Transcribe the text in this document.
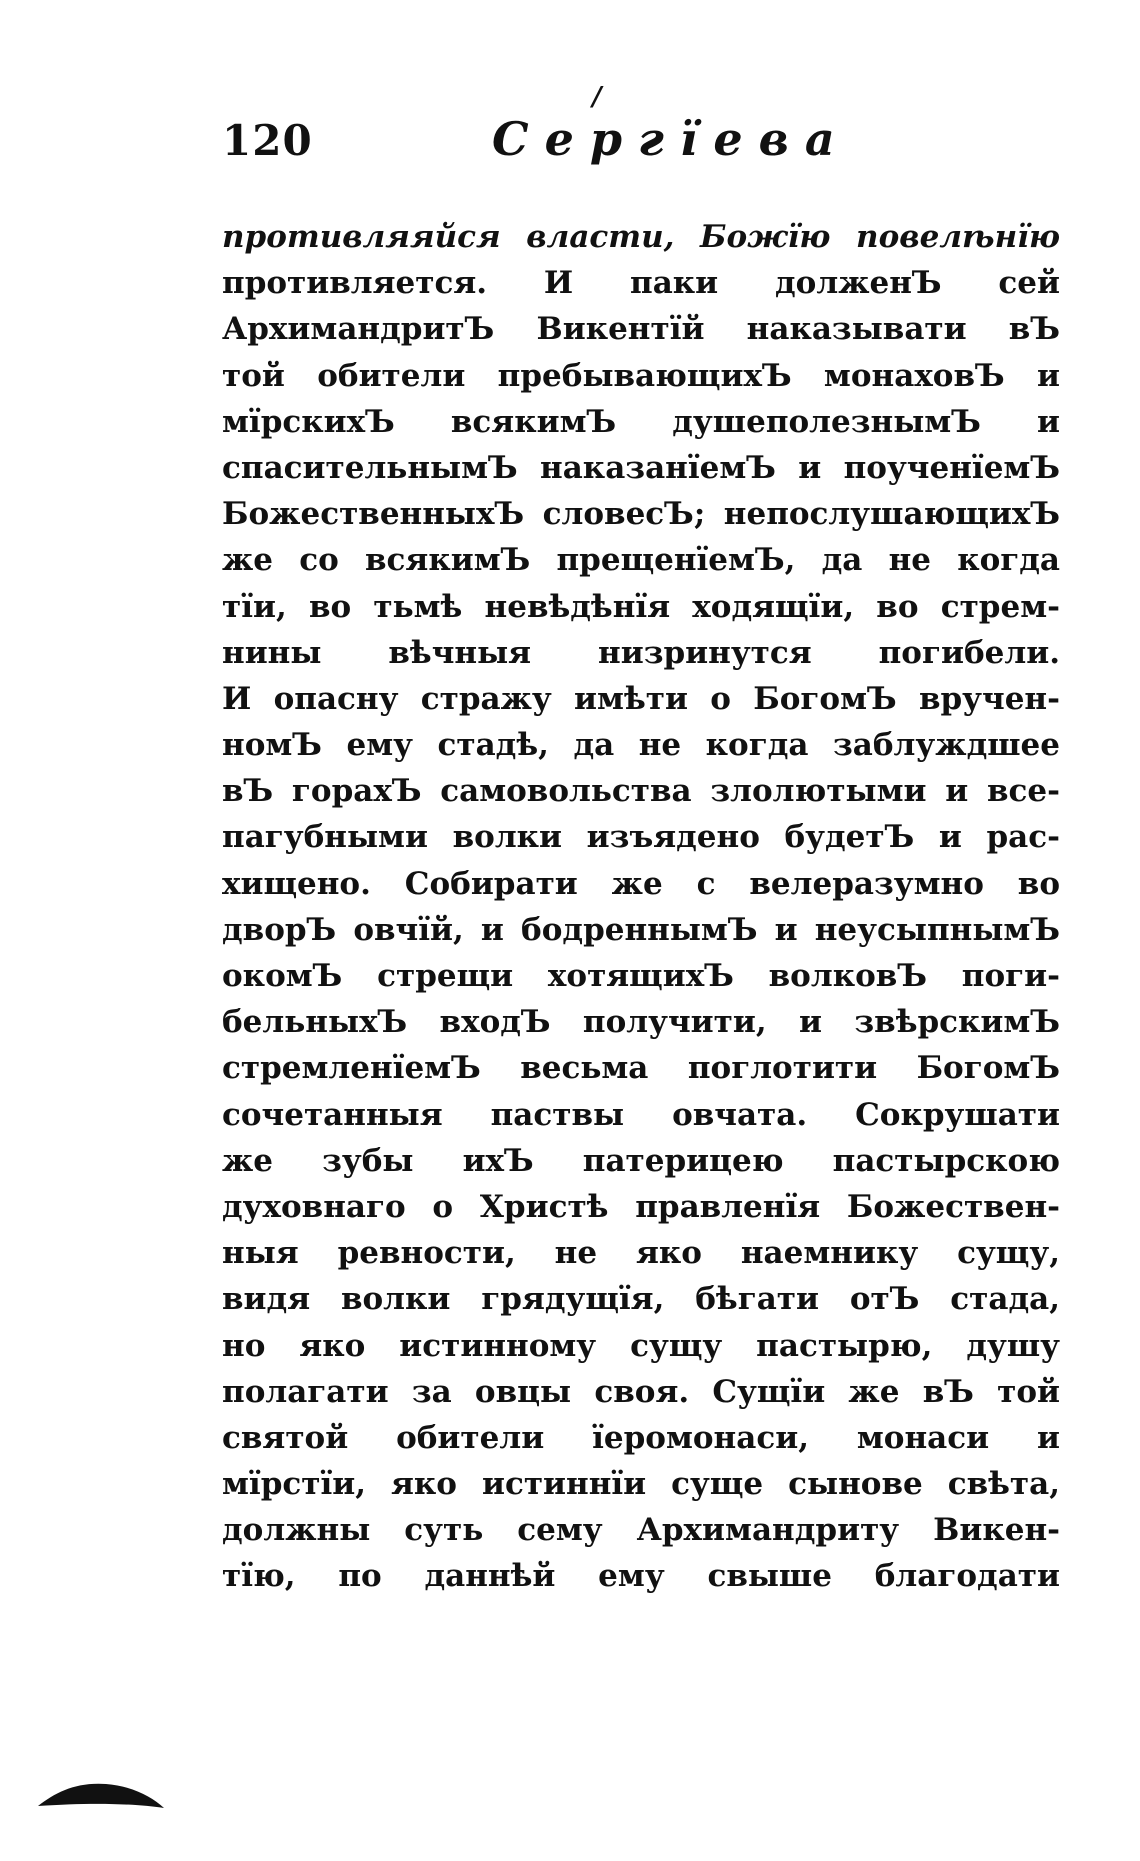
/
120	Сергїева
противляяйся власти, Божїю повелѣнїю
противляется. И паки долженЪ сей
АрхимандритЪ Викентїй наказывати вЪ
той обители пребывающихЪ монаховЪ и
мїрскихЪ всякимЪ душеполезнымЪ и
спасительнымЪ наказанїемЪ и поученїемЪ
БожественныхЪ словесЪ; непослушающихЪ
же со всякимЪ прещенїемЪ, да не когда
тїи, во тьмѣ невѣдѣнїя ходящїи, во стрем-
нины вѣчныя низринутся погибели.
И опасну стражу имѣти о БогомЪ вручен-
номЪ ему стадѣ, да не когда заблуждшее
вЪ горахЪ самовольства злолютыми и все-
пагубными волки изъядено будетЪ и рас-
хищено. Собирати же с велеразумно во
дворЪ овчїй, и бодреннымЪ и неусыпнымЪ
окомЪ стрещи хотящихЪ волковЪ поги-
бельныхЪ входЪ получити, и звѣрскимЪ
стремленїемЪ весьма поглотити БогомЪ
сочетанныя паствы овчата. Сокрушати
же зубы ихЪ патерицею пастырскою
духовнаго о Христѣ правленїя Божествен-
ныя ревности, не яко наемнику сущу,
видя волки грядущїя, бѣгати отЪ стада,
но яко истинному сущу пастырю, душу
полагати за овцы своя. Сущїи же вЪ той
святой обители їеромонаси, монаси и
мїрстїи, яко истиннїи суще сынове свѣта,
должны суть сему Архимандриту Викен-
тїю, по даннѣй ему свыше благодати
